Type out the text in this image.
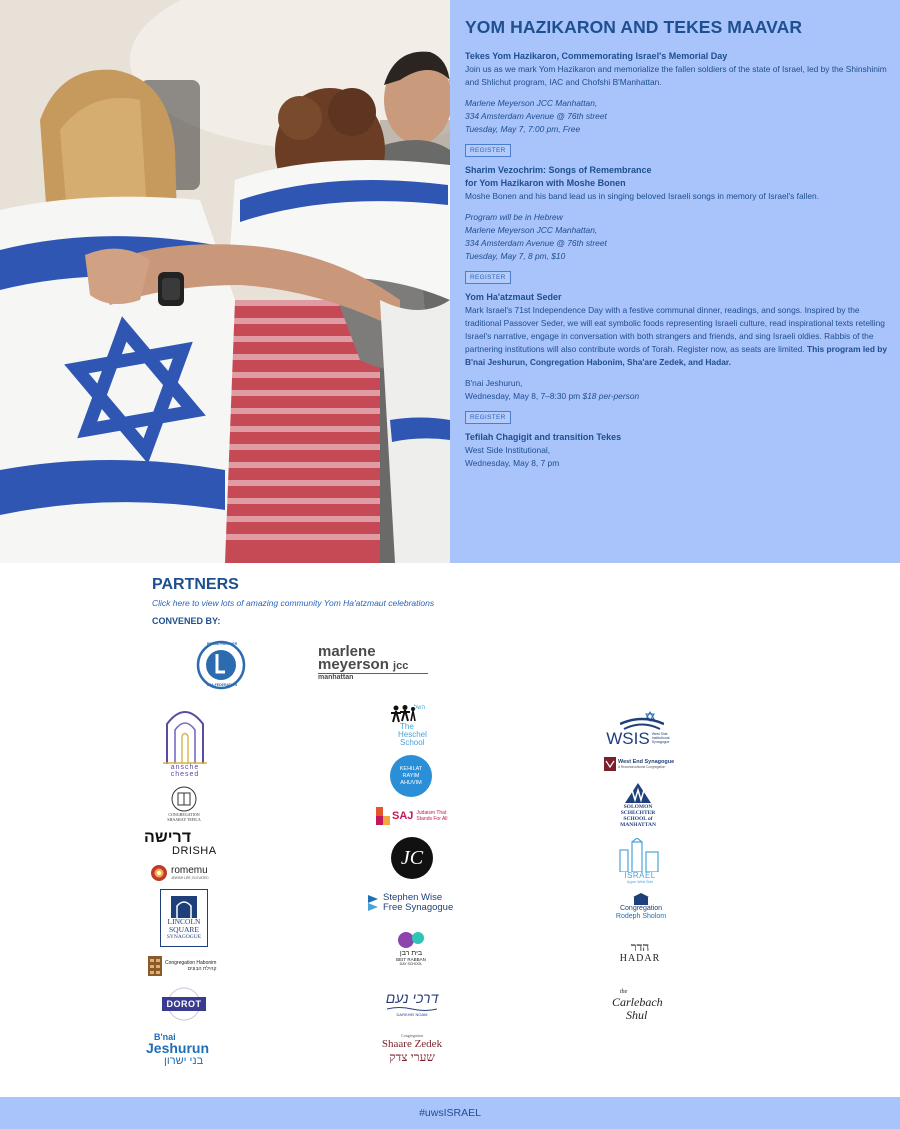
YOM HAZIKARON AND TEKES MAAVAR
Tekes Yom Hazikaron, Commemorating Israel's Memorial Day
Join us as we mark Yom Hazikaron and memorialize the fallen soldiers of the state of Israel, led by the Shinshinim and Shlichut program, IAC and Chofshi B'Manhattan.
Marlene Meyerson JCC Manhattan,
334 Amsterdam Avenue @ 76th street
Tuesday, May 7, 7:00 pm, Free
REGISTER
Sharim Vezochrim: Songs of Remembrance
for Yom Hazikaron with Moshe Bonen
Moshe Bonen and his band lead us in singing beloved Israeli songs in memory of Israel's fallen.
Program will be in Hebrew
Marlene Meyerson JCC Manhattan,
334 Amsterdam Avenue @ 76th street
Tuesday, May 7, 8 pm, $10
REGISTER
Yom Ha'atzmaut Seder
Mark Israel's 71st Independence Day with a festive communal dinner, readings, and songs. Inspired by the traditional Passover Seder, we will eat symbolic foods representing Israeli culture, read inspirational texts retelling Israel's narrative, engage in conversation with both strangers and friends, and sing Israeli oldies. Rabbis of the partnering institutions will also contribute words of Torah. Register now, as seats are limited. This program led by B'nai Jeshurun, Congregation Habonim, Sha'are Zedek, and Hadar.
B'nai Jeshurun,
Wednesday, May 8, 7–8:30 pm $18 per-person
REGISTER
Tefilah Chagigit and transition Tekes
West Side Institutional,
Wednesday, May 8, 7 pm
PARTNERS
Click here to view lots of amazing community Yom Ha'atzmaut celebrations
CONVENED BY:
PROUD PARTNER
UJA FEDERATION
marlene
meyerson jcc
manhattan
ansche
chesed
CONGREGATION
SHAARAY TEFILA
דרישה
DRISHA
romemu
JEWISH LIFE, ELEVATED
LINCOLN
SQUARE
SYNAGOGUE
Congregation Habonim
קהילת הבונים
DOROT
B'nai
Jeshurun
בני ישרון
השל
The
Heschel
School
KEHILAT
RAYIM
AHUVIM
SAJ Judaism That
Stands For All
JC
Stephen Wise
Free Synagogue
בית רבן
BEIT RABBAN
DAY SCHOOL
דרכי נעם
DARKHEI NOAM
Congregation
Shaare Zedek
שערי צדק
WSIS West Side Institutional Synagogue
West End Synagogue
A Reconstructionist Congregation
SOLOMON
SCHECHTER
SCHOOL of
MANHATTAN
ISRAEL
Upper West Side
Congregation
Rodeph Sholom
הדר
HADAR
the
Carlebach
Shul
#uwsISRAEL
